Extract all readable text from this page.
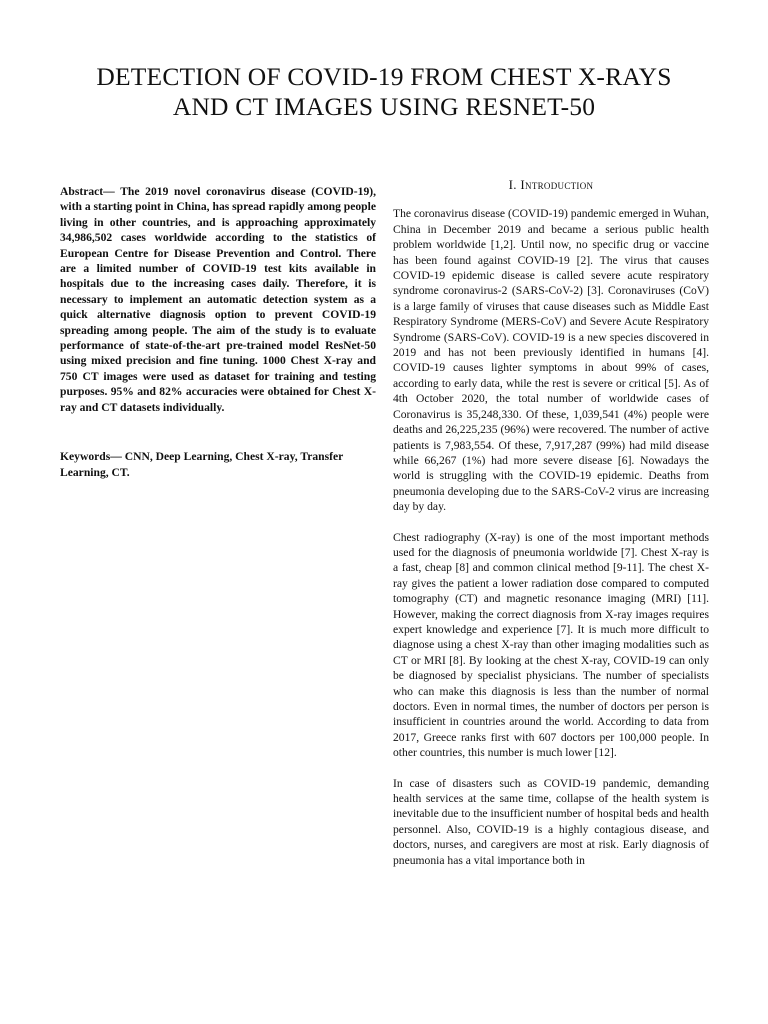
DETECTION OF COVID-19 FROM CHEST X-RAYS
AND CT IMAGES USING RESNET-50

Abstract— The 2019 novel coronavirus disease (COVID-19), with a starting point in China, has spread rapidly among people living in other countries, and is approaching approximately 34,986,502 cases worldwide according to the statistics of European Centre for Disease Prevention and Control. There are a limited number of COVID-19 test kits available in hospitals due to the increasing cases daily. Therefore, it is necessary to implement an automatic detection system as a quick alternative diagnosis option to prevent COVID-19 spreading among people. The aim of the study is to evaluate performance of state-of-the-art pre-trained model ResNet-50 using mixed precision and fine tuning. 1000 Chest X-ray and 750 CT images were used as dataset for training and testing purposes. 95% and 82% accuracies were obtained for Chest X-ray and CT datasets individually.

Keywords— CNN, Deep Learning, Chest X-ray, Transfer Learning, CT.

I. Introduction

The coronavirus disease (COVID-19) pandemic emerged in Wuhan, China in December 2019 and became a serious public health problem worldwide [1,2]. Until now, no specific drug or vaccine has been found against COVID-19 [2]. The virus that causes COVID-19 epidemic disease is called severe acute respiratory syndrome coronavirus-2 (SARS-CoV-2) [3]. Coronaviruses (CoV) is a large family of viruses that cause diseases such as Middle East Respiratory Syndrome (MERS-CoV) and Severe Acute Respiratory Syndrome (SARS-CoV). COVID-19 is a new species discovered in 2019 and has not been previously identified in humans [4]. COVID-19 causes lighter symptoms in about 99% of cases, according to early data, while the rest is severe or critical [5]. As of 4th October 2020, the total number of worldwide cases of Coronavirus is 35,248,330. Of these, 1,039,541 (4%) people were deaths and 26,225,235 (96%) were recovered. The number of active patients is 7,983,554. Of these, 7,917,287 (99%) had mild disease while 66,267 (1%) had more severe disease [6]. Nowadays the world is struggling with the COVID-19 epidemic. Deaths from pneumonia developing due to the SARS-CoV-2 virus are increasing day by day.

Chest radiography (X-ray) is one of the most important methods used for the diagnosis of pneumonia worldwide [7]. Chest X-ray is a fast, cheap [8] and common clinical method [9-11]. The chest X-ray gives the patient a lower radiation dose compared to computed tomography (CT) and magnetic resonance imaging (MRI) [11]. However, making the correct diagnosis from X-ray images requires expert knowledge and experience [7]. It is much more difficult to diagnose using a chest X-ray than other imaging modalities such as CT or MRI [8]. By looking at the chest X-ray, COVID-19 can only be diagnosed by specialist physicians. The number of specialists who can make this diagnosis is less than the number of normal doctors. Even in normal times, the number of doctors per person is insufficient in countries around the world. According to data from 2017, Greece ranks first with 607 doctors per 100,000 people. In other countries, this number is much lower [12].

In case of disasters such as COVID-19 pandemic, demanding health services at the same time, collapse of the health system is inevitable due to the insufficient number of hospital beds and health personnel. Also, COVID-19 is a highly contagious disease, and doctors, nurses, and caregivers are most at risk. Early diagnosis of pneumonia has a vital importance both in
